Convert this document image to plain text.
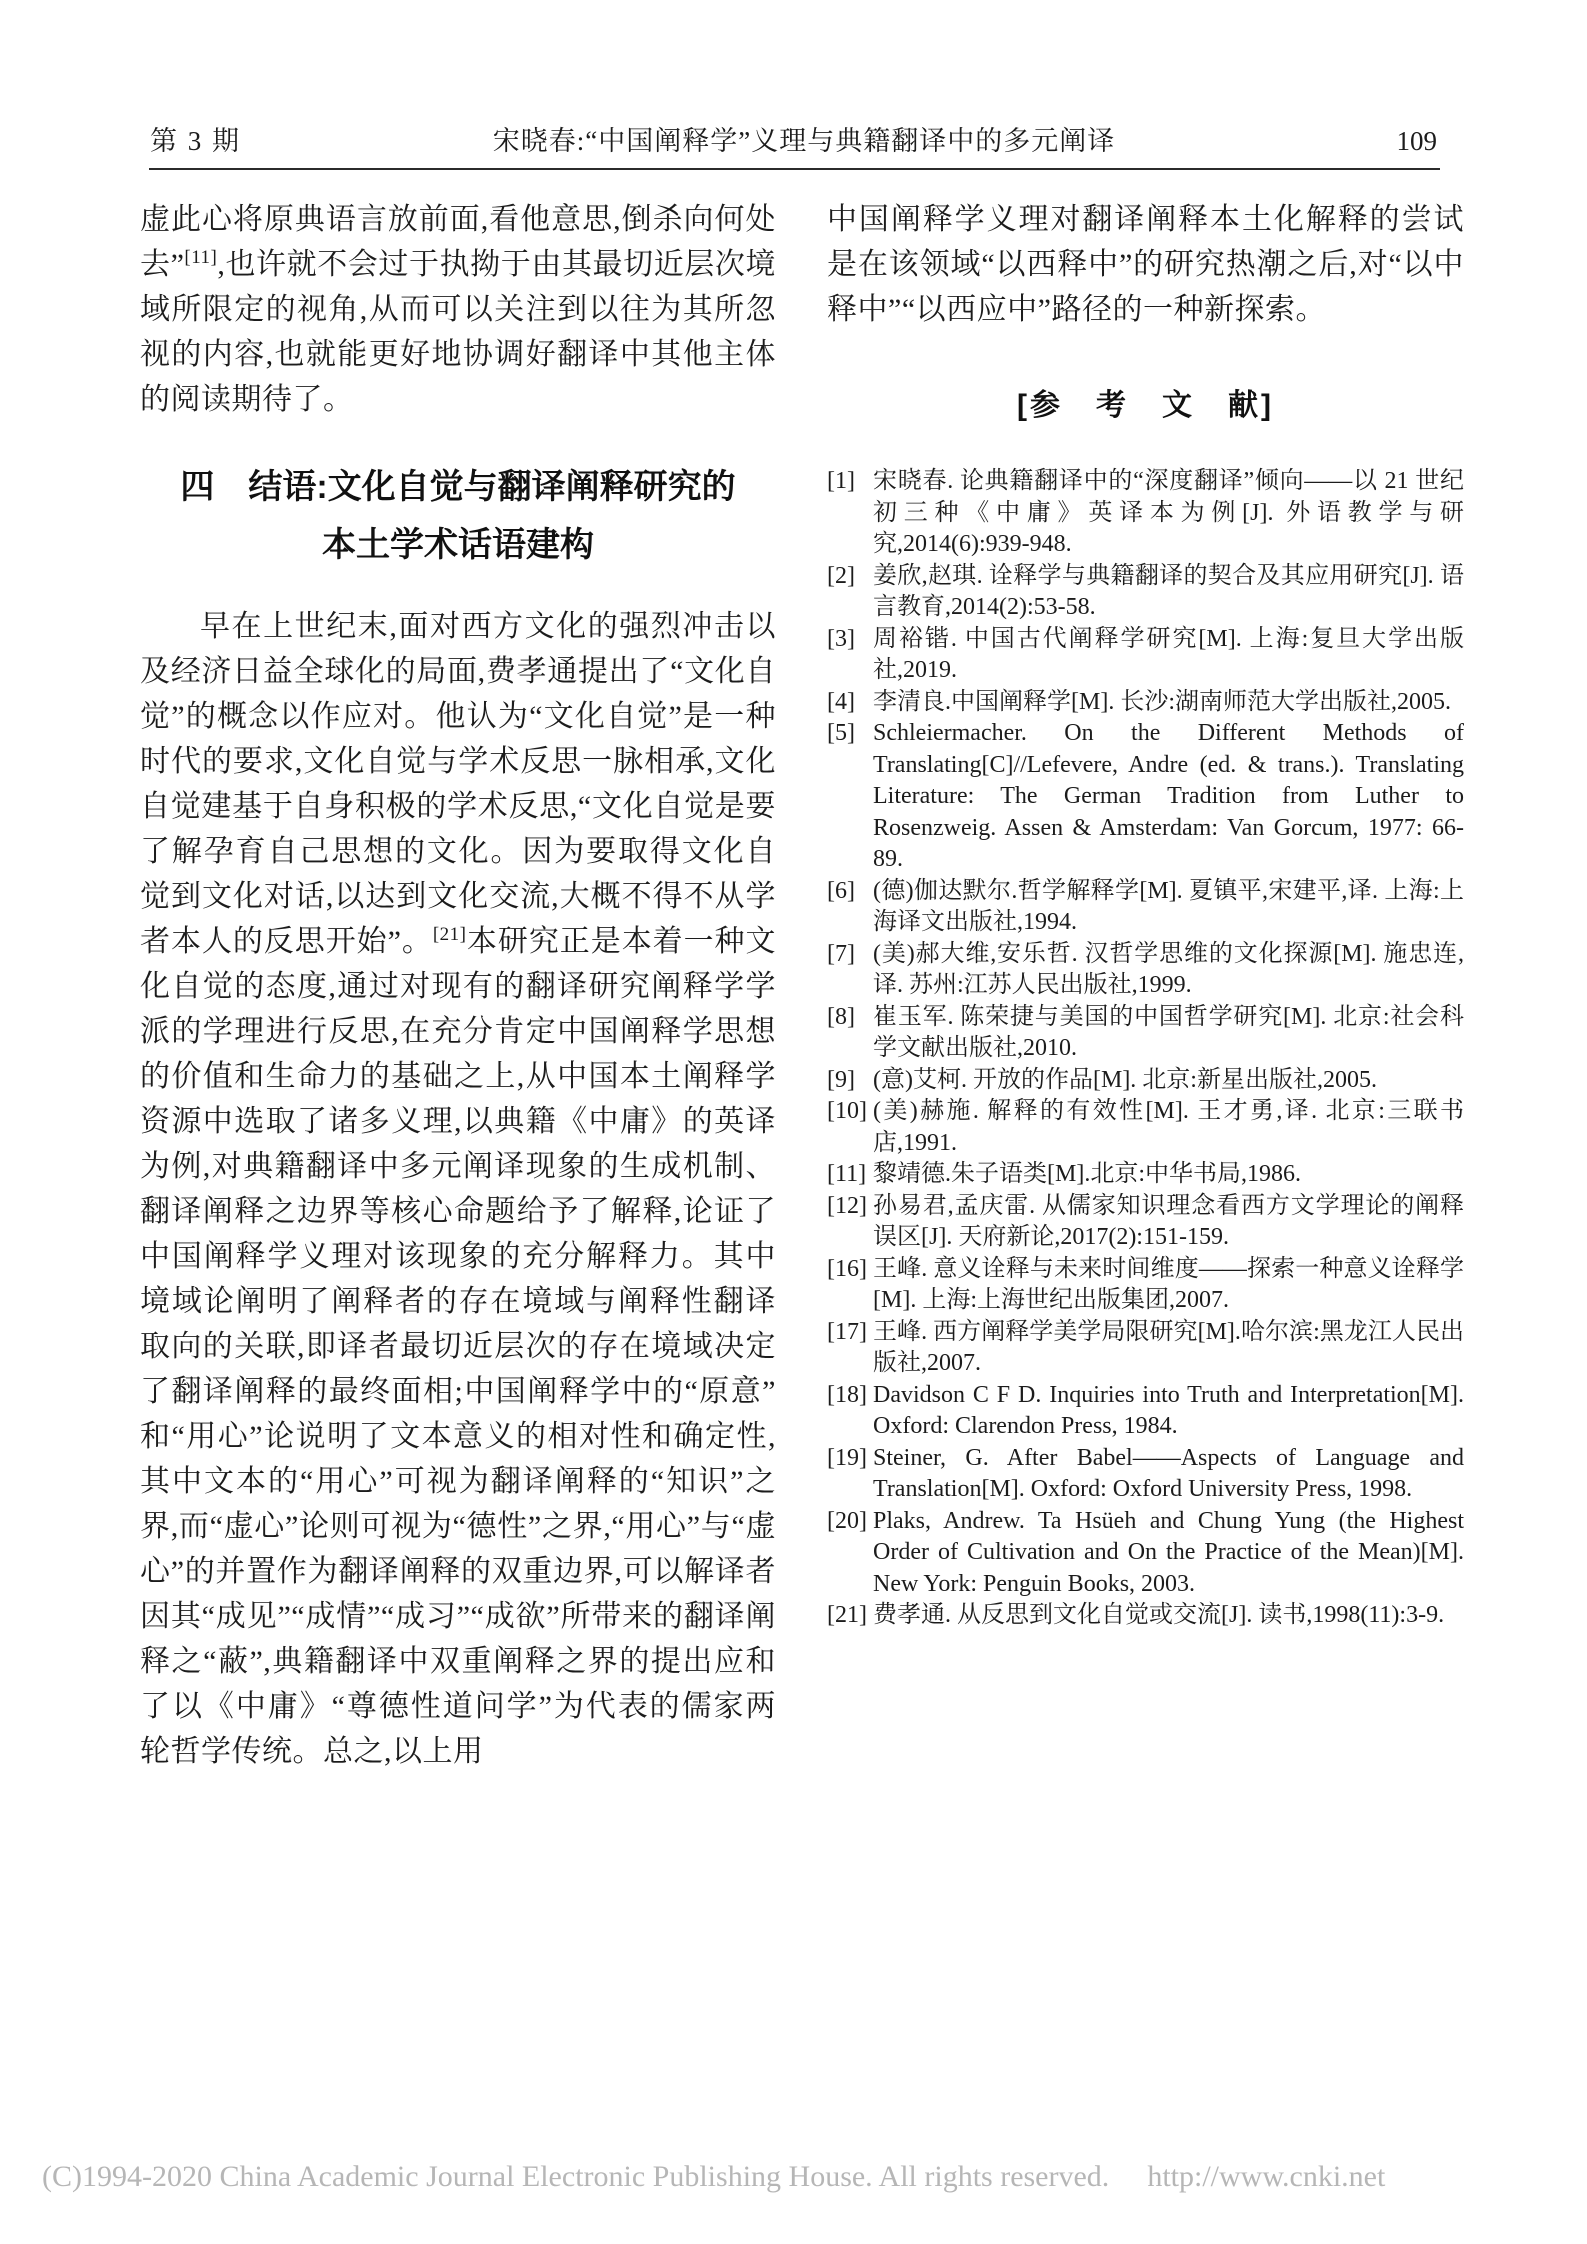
第 3 期	宋晓春:“中国阐释学”义理与典籍翻译中的多元阐译	109

虚此心将原典语言放前面,看他意思,倒杀向何处去”[11],也许就不会过于执拗于由其最切近层次境域所限定的视角,从而可以关注到以往为其所忽视的内容,也就能更好地协调好翻译中其他主体的阅读期待了。

四　结语:文化自觉与翻译阐释研究的
本土学术话语建构

早在上世纪末,面对西方文化的强烈冲击以及经济日益全球化的局面,费孝通提出了“文化自觉”的概念以作应对。他认为“文化自觉”是一种时代的要求,文化自觉与学术反思一脉相承,文化自觉建基于自身积极的学术反思,“文化自觉是要了解孕育自己思想的文化。因为要取得文化自觉到文化对话,以达到文化交流,大概不得不从学者本人的反思开始”。[21]本研究正是本着一种文化自觉的态度,通过对现有的翻译研究阐释学学派的学理进行反思,在充分肯定中国阐释学思想的价值和生命力的基础之上,从中国本土阐释学资源中选取了诸多义理,以典籍《中庸》的英译为例,对典籍翻译中多元阐译现象的生成机制、翻译阐释之边界等核心命题给予了解释,论证了中国阐释学义理对该现象的充分解释力。其中境域论阐明了阐释者的存在境域与阐释性翻译取向的关联,即译者最切近层次的存在境域决定了翻译阐释的最终面相;中国阐释学中的“原意”和“用心”论说明了文本意义的相对性和确定性,其中文本的“用心”可视为翻译阐释的“知识”之界,而“虚心”论则可视为“德性”之界,“用心”与“虚心”的并置作为翻译阐释的双重边界,可以解译者因其“成见”“成情”“成习”“成欲”所带来的翻译阐释之“蔽”,典籍翻译中双重阐释之界的提出应和了以《中庸》“尊德性道问学”为代表的儒家两轮哲学传统。总之,以上用

中国阐释学义理对翻译阐释本土化解释的尝试是在该领域“以西释中”的研究热潮之后,对“以中释中”“以西应中”路径的一种新探索。

[参　考　文　献]
[1] 宋晓春. 论典籍翻译中的“深度翻译”倾向——以 21 世纪初三种《中庸》英译本为例[J]. 外语教学与研究,2014(6):939-948.
[2] 姜欣,赵琪. 诠释学与典籍翻译的契合及其应用研究[J]. 语言教育,2014(2):53-58.
[3] 周裕锴. 中国古代阐释学研究[M]. 上海:复旦大学出版社,2019.
[4] 李清良.中国阐释学[M]. 长沙:湖南师范大学出版社,2005.
[5] Schleiermacher. On the Different Methods of Translating[C]//Lefevere, Andre (ed. & trans.). Translating Literature: The German Tradition from Luther to Rosenzweig. Assen & Amsterdam: Van Gorcum, 1977: 66-89.
[6] (德)伽达默尔.哲学解释学[M]. 夏镇平,宋建平,译. 上海:上海译文出版社,1994.
[7] (美)郝大维,安乐哲. 汉哲学思维的文化探源[M]. 施忠连,译. 苏州:江苏人民出版社,1999.
[8] 崔玉军. 陈荣捷与美国的中国哲学研究[M]. 北京:社会科学文献出版社,2010.
[9] (意)艾柯. 开放的作品[M]. 北京:新星出版社,2005.
[10] (美)赫施. 解释的有效性[M]. 王才勇,译. 北京:三联书店,1991.
[11] 黎靖德.朱子语类[M].北京:中华书局,1986.
[12] 孙易君,孟庆雷. 从儒家知识理念看西方文学理论的阐释误区[J]. 天府新论,2017(2):151-159.
[16] 王峰. 意义诠释与未来时间维度——探索一种意义诠释学[M]. 上海:上海世纪出版集团,2007.
[17] 王峰. 西方阐释学美学局限研究[M].哈尔滨:黑龙江人民出版社,2007.
[18] Davidson C F D. Inquiries into Truth and Interpretation[M]. Oxford: Clarendon Press, 1984.
[19] Steiner, G. After Babel——Aspects of Language and Translation[M]. Oxford: Oxford University Press, 1998.
[20] Plaks, Andrew. Ta Hsüeh and Chung Yung (the Highest Order of Cultivation and On the Practice of the Mean)[M]. New York: Penguin Books, 2003.
[21] 费孝通. 从反思到文化自觉或交流[J]. 读书,1998(11):3-9.
(C)1994-2020 China Academic Journal Electronic Publishing House. All rights reserved. http://www.cnki.net
